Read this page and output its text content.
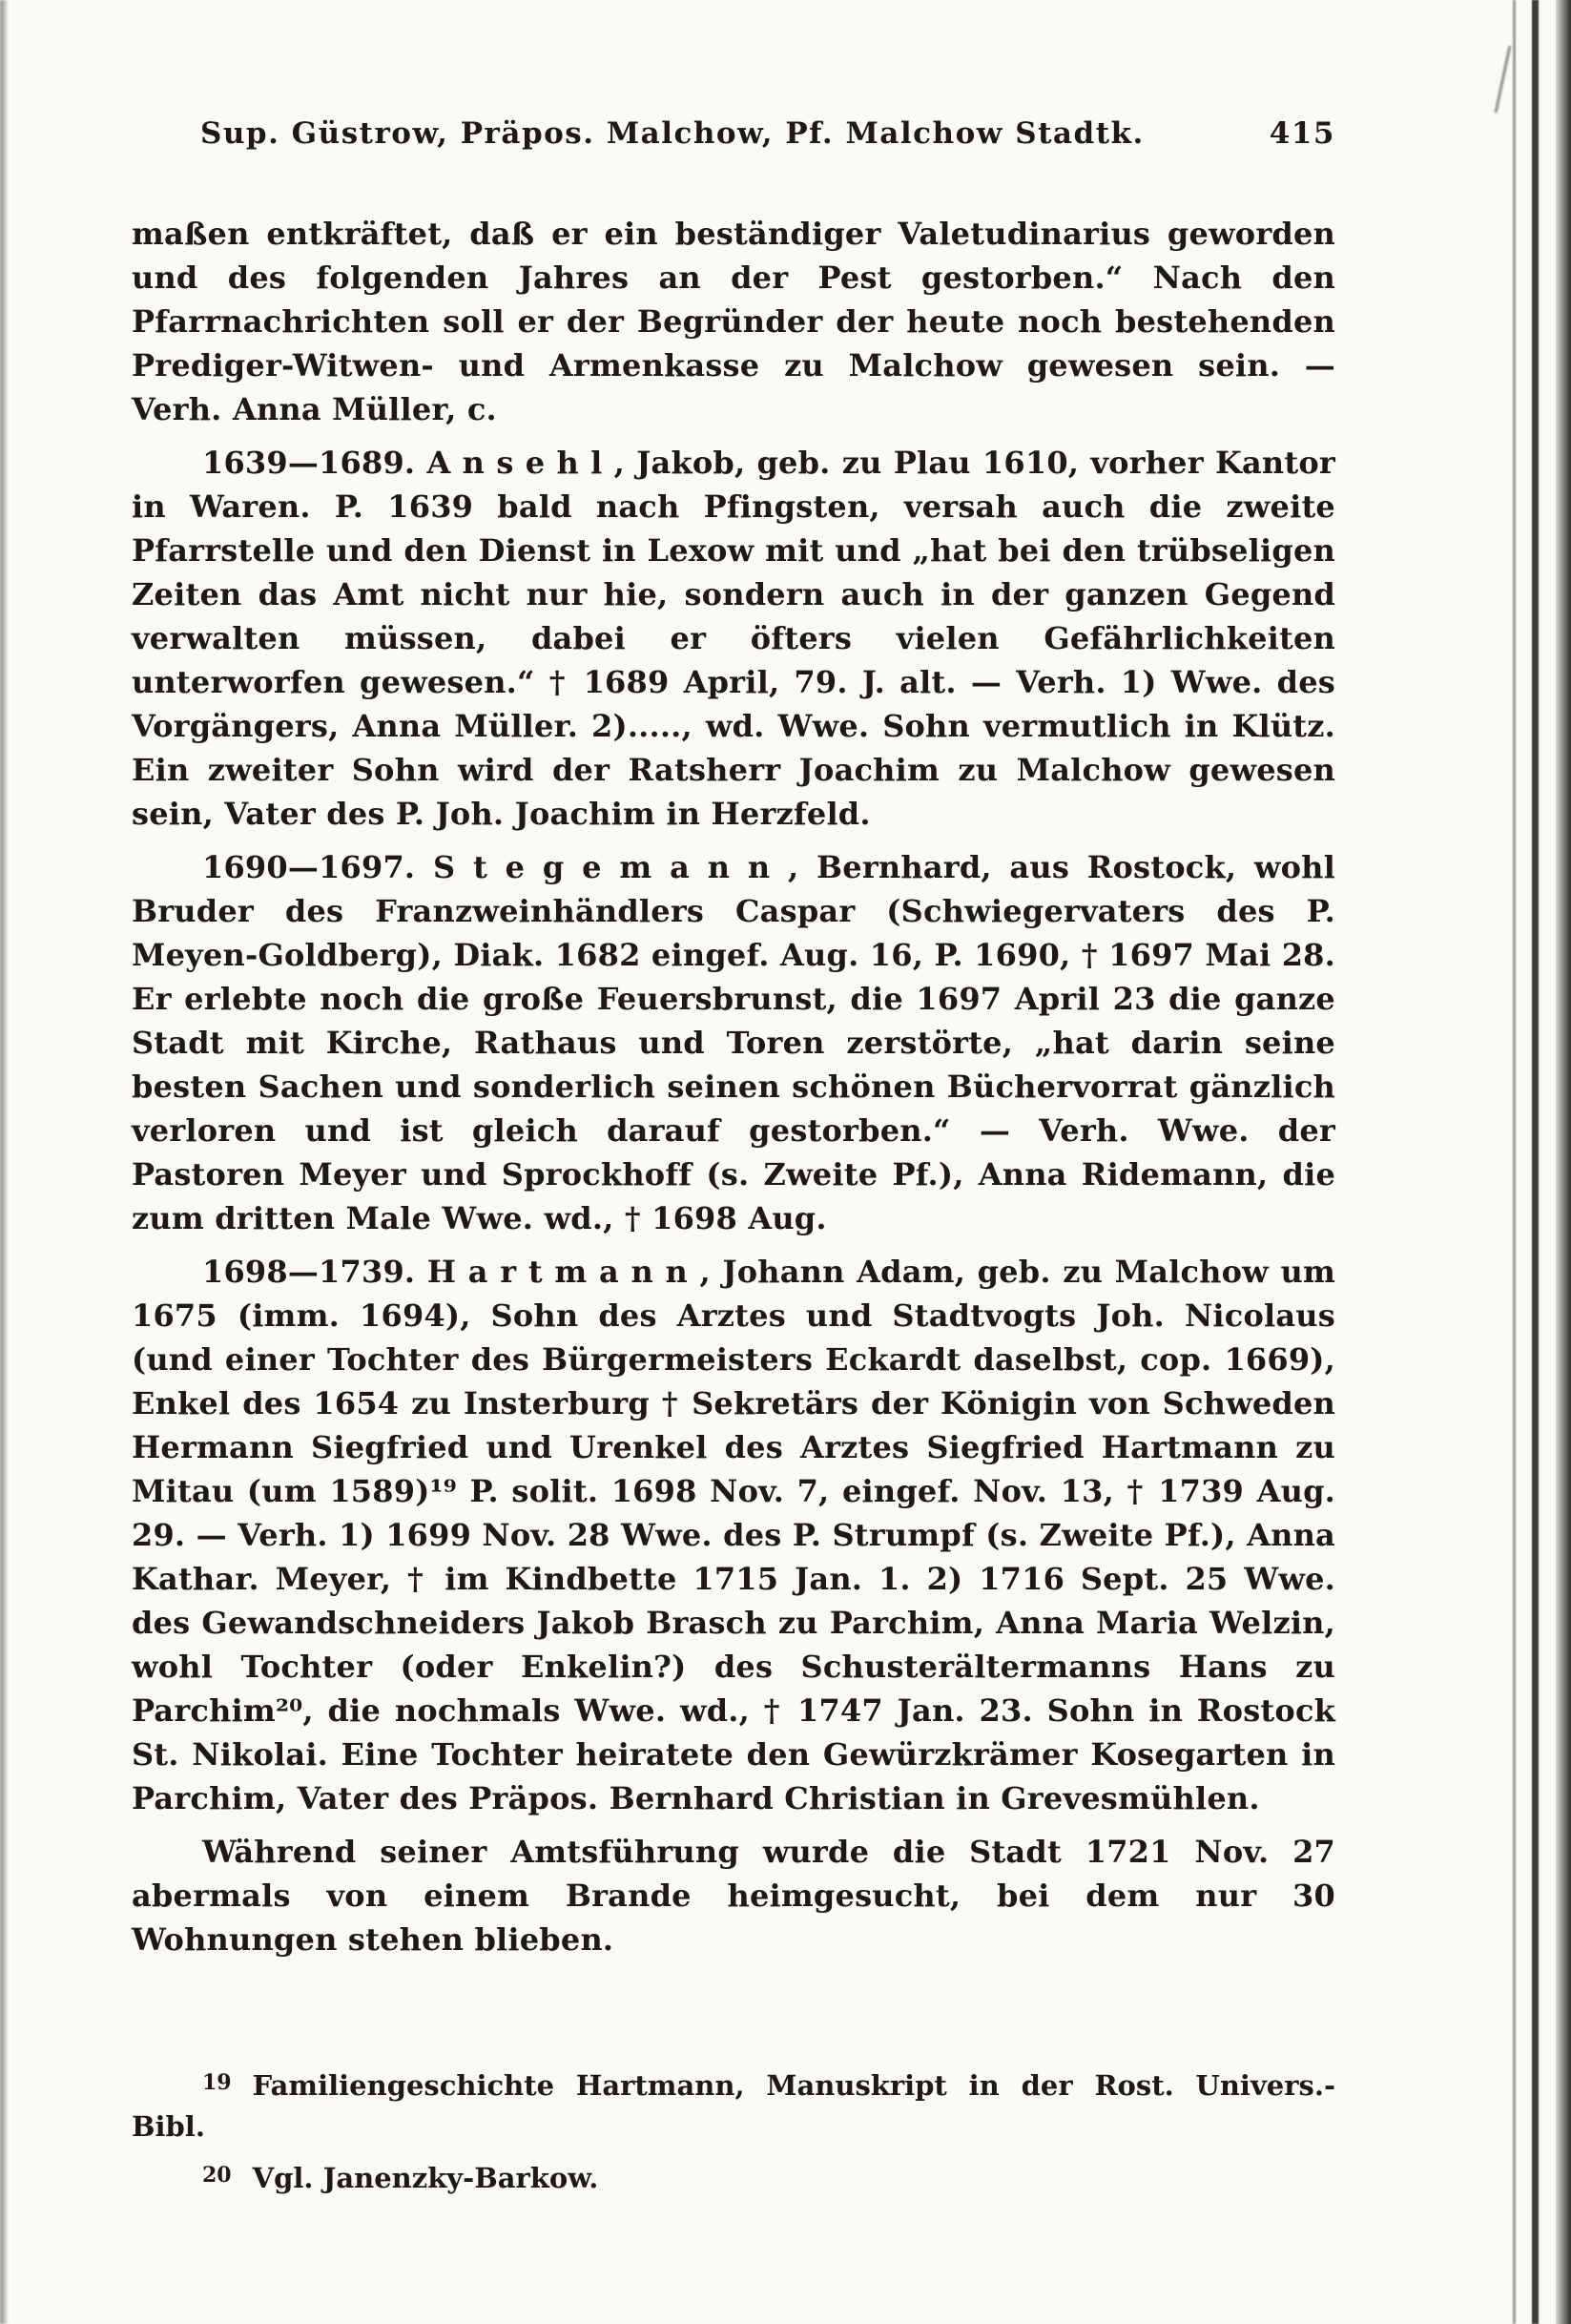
Sup. Güstrow, Präpos. Malchow, Pf. Malchow Stadtk.	415

maßen entkräftet, daß er ein beständiger Valetudinarius geworden und des folgenden Jahres an der Pest gestorben.“ Nach den Pfarrnachrichten soll er der Begründer der heute noch bestehenden Prediger-Witwen- und Armenkasse zu Malchow gewesen sein. — Verh. Anna Müller, c.

1639—1689. A n s e h l , Jakob, geb. zu Plau 1610, vorher Kantor in Waren. P. 1639 bald nach Pfingsten, versah auch die zweite Pfarrstelle und den Dienst in Lexow mit und „hat bei den trübseligen Zeiten das Amt nicht nur hie, sondern auch in der ganzen Gegend verwalten müssen, dabei er öfters vielen Gefährlichkeiten unterworfen gewesen.“ † 1689 April, 79. J. alt. — Verh. 1) Wwe. des Vorgängers, Anna Müller. 2)....., wd. Wwe. Sohn vermutlich in Klütz. Ein zweiter Sohn wird der Ratsherr Joachim zu Malchow gewesen sein, Vater des P. Joh. Joachim in Herzfeld.

1690—1697. S t e g e m a n n , Bernhard, aus Rostock, wohl Bruder des Franzweinhändlers Caspar (Schwiegervaters des P. Meyen-Goldberg), Diak. 1682 eingef. Aug. 16, P. 1690, † 1697 Mai 28. Er erlebte noch die große Feuersbrunst, die 1697 April 23 die ganze Stadt mit Kirche, Rathaus und Toren zerstörte, „hat darin seine besten Sachen und sonderlich seinen schönen Büchervorrat gänzlich verloren und ist gleich darauf gestorben.“ — Verh. Wwe. der Pastoren Meyer und Sprockhoff (s. Zweite Pf.), Anna Ridemann, die zum dritten Male Wwe. wd., † 1698 Aug.

1698—1739. H a r t m a n n , Johann Adam, geb. zu Malchow um 1675 (imm. 1694), Sohn des Arztes und Stadtvogts Joh. Nicolaus (und einer Tochter des Bürgermeisters Eckardt daselbst, cop. 1669), Enkel des 1654 zu Insterburg † Sekretärs der Königin von Schweden Hermann Siegfried und Urenkel des Arztes Siegfried Hartmann zu Mitau (um 1589)¹⁹ P. solit. 1698 Nov. 7, eingef. Nov. 13, † 1739 Aug. 29. — Verh. 1) 1699 Nov. 28 Wwe. des P. Strumpf (s. Zweite Pf.), Anna Kathar. Meyer, † im Kindbette 1715 Jan. 1. 2) 1716 Sept. 25 Wwe. des Gewandschneiders Jakob Brasch zu Parchim, Anna Maria Welzin, wohl Tochter (oder Enkelin?) des Schusterältermanns Hans zu Parchim²⁰, die nochmals Wwe. wd., † 1747 Jan. 23. Sohn in Rostock St. Nikolai. Eine Tochter heiratete den Gewürzkrämer Kosegarten in Parchim, Vater des Präpos. Bernhard Christian in Grevesmühlen.

Während seiner Amtsführung wurde die Stadt 1721 Nov. 27 abermals von einem Brande heimgesucht, bei dem nur 30 Wohnungen stehen blieben.

$^{19}$ Familiengeschichte Hartmann, Manuskript in der Rost. Univers.-Bibl.

$^{20}$ Vgl. Janenzky-Barkow.
